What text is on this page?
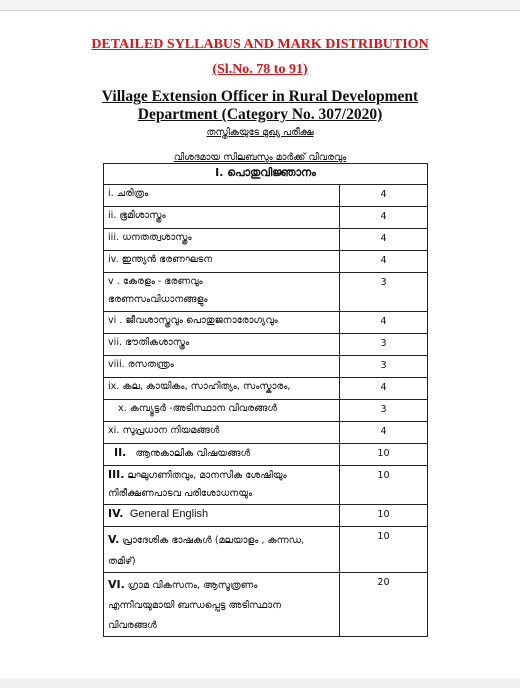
DETAILED SYLLABUS AND MARK DISTRIBUTION
(Sl.No. 78 to 91)
Village Extension Officer in Rural Development
Department (Category No. 307/2020)
തസ്തികയുടേ മുഖ്യ പരീക്ഷ
വിശദമായ സിലബസും മാർക്ക് വിവരവും
I. പൊതുവിജ്ഞാനം	
i. ചരിത്രം	4
ii. ഭൂമിശാസ്ത്രം	4
iii. ധനതത്വശാസ്ത്രം	4
iv. ഇന്ത്യൻ ഭരണഘടന	4

v . കേരളം - ഭരണവും
ഭരണസംവിധാനങ്ങളും	3
vi . ജീവശാസ്ത്രവും പൊതുജനാരോഗ്യവും	4
vii. ഭൗതികശാസ്ത്രം	3
viii. രസതന്ത്രം	3
ix. കല, കായികം, സാഹിത്യം, സംസ്കാരം,	4
x. കമ്പ്യൂട്ടർ -അടിസ്ഥാന വിവരങ്ങൾ	3
xi. സുപ്രധാന നിയമങ്ങൾ	4
II. ആനുകാലിക വിഷയങ്ങൾ	10

III. ലഘുഗണിതവും, മാനസിക ശേഷിയും
നിരീക്ഷണപാടവ പരിശോധനയും	10
IV. General English	10

V. പ്രാദേശിക ഭാഷകൾ (മലയാളം , കന്നഡ,
തമിഴ്)	10

VI. ഗ്രാമ വികസനം, ആസൂത്രണം
എന്നിവയുമായി ബന്ധപ്പെട്ട അടിസ്ഥാന
വിവരങ്ങൾ	20
